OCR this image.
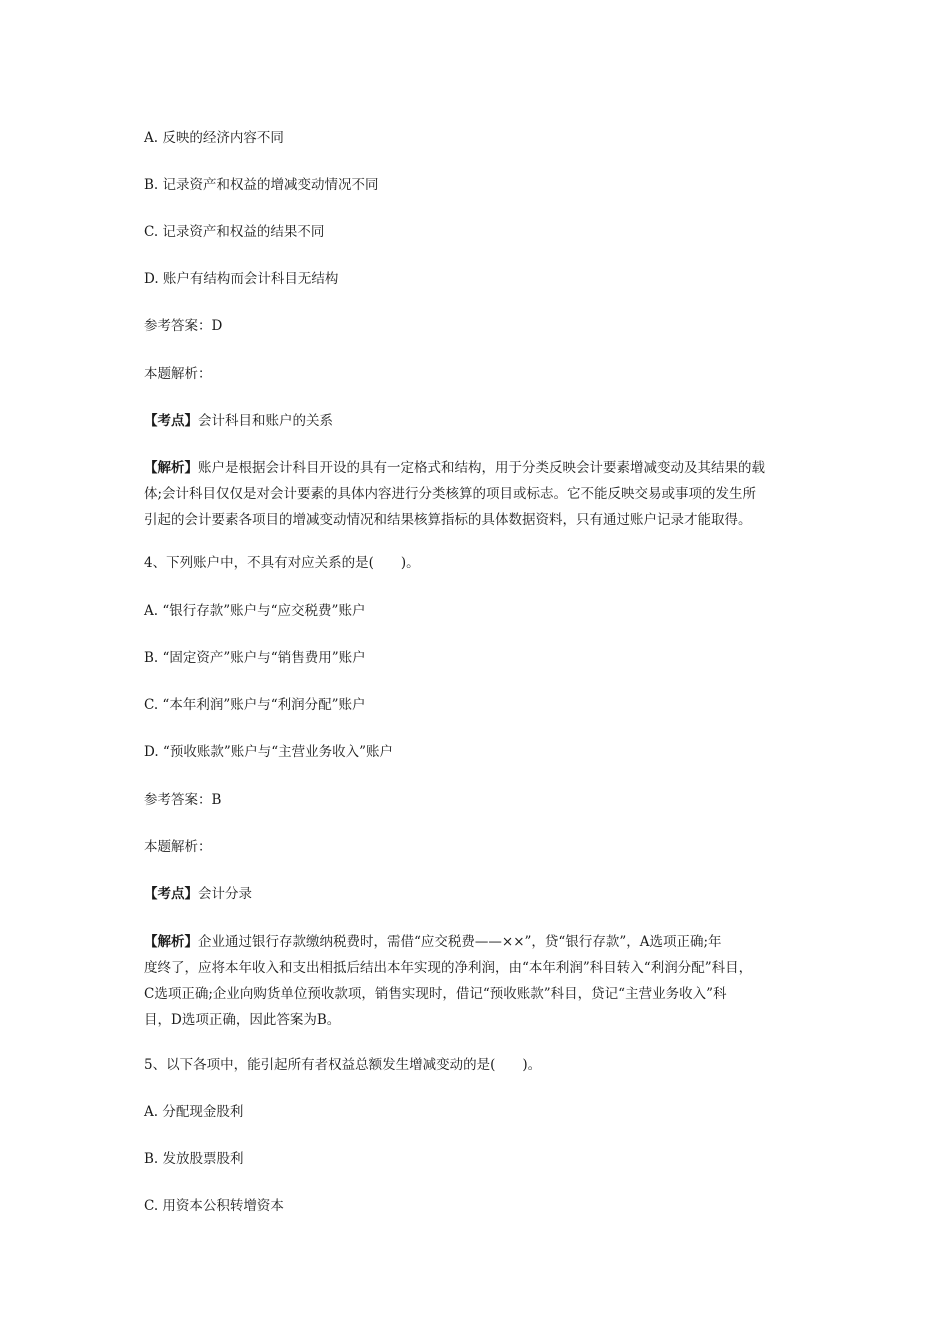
A. 反映的经济内容不同
B. 记录资产和权益的增减变动情况不同
C. 记录资产和权益的结果不同
D. 账户有结构而会计科目无结构
参考答案：D
本题解析：
【考点】会计科目和账户的关系
【解析】账户是根据会计科目开设的具有一定格式和结构，用于分类反映会计要素增减变动及其结果的载
体;会计科目仅仅是对会计要素的具体内容进行分类核算的项目或标志。它不能反映交易或事项的发生所
引起的会计要素各项目的增减变动情况和结果核算指标的具体数据资料，只有通过账户记录才能取得。
4、下列账户中，不具有对应关系的是(　　)。
A. “银行存款”账户与“应交税费”账户
B. “固定资产”账户与“销售费用”账户
C. “本年利润”账户与“利润分配”账户
D. “预收账款”账户与“主营业务收入”账户
参考答案：B
本题解析：
【考点】会计分录
【解析】企业通过银行存款缴纳税费时，需借“应交税费——××”，贷“银行存款”，A选项正确;年
度终了，应将本年收入和支出相抵后结出本年实现的净利润，由“本年利润”科目转入“利润分配”科目，
C选项正确;企业向购货单位预收款项，销售实现时，借记“预收账款”科目，贷记“主营业务收入”科
目，D选项正确，因此答案为B。
5、以下各项中，能引起所有者权益总额发生增减变动的是(　　)。
A. 分配现金股利
B. 发放股票股利
C. 用资本公积转增资本
